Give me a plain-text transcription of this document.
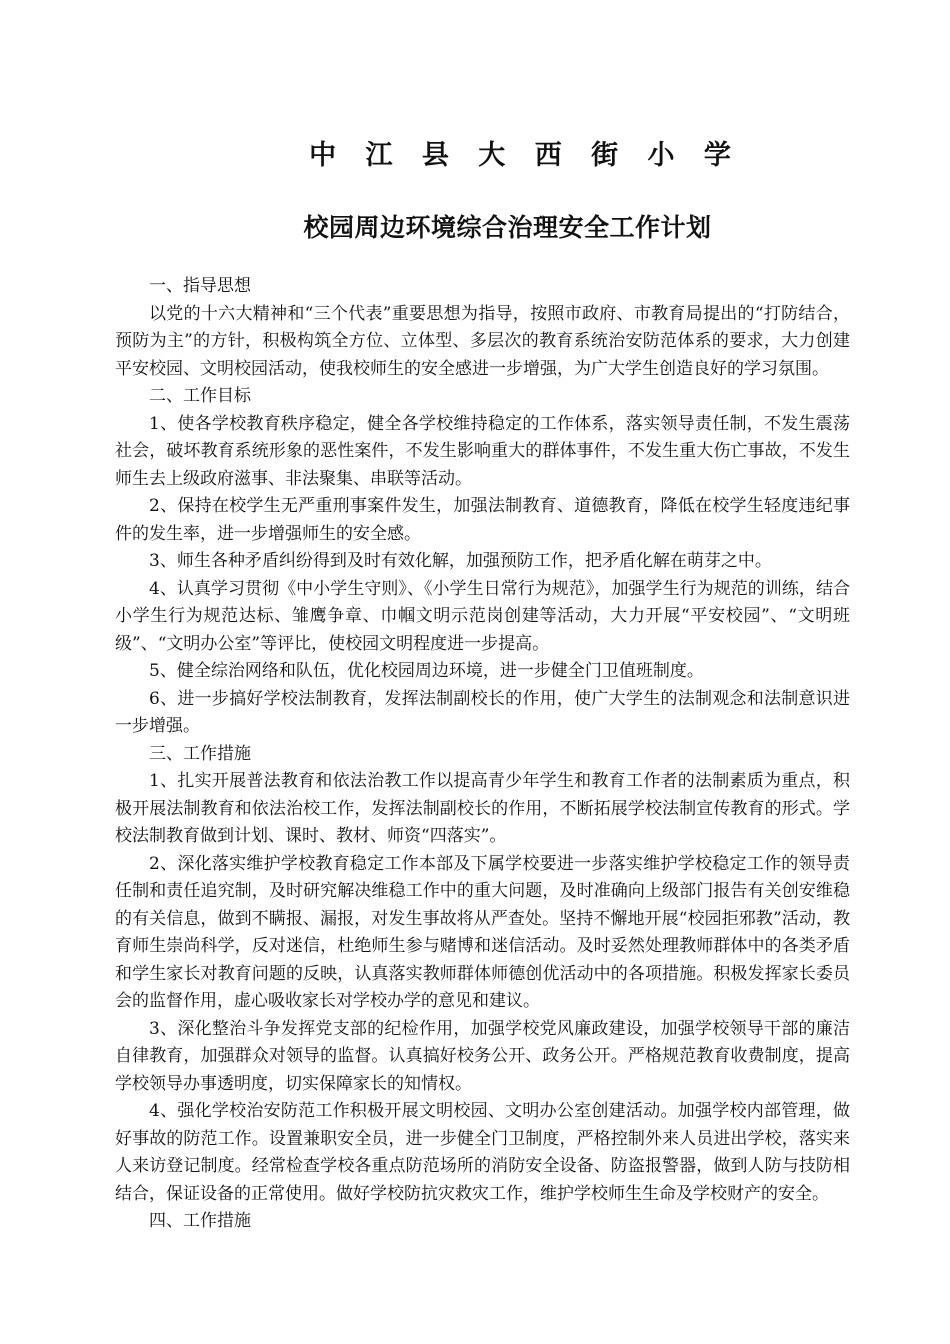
中 江 县 大 西 街 小 学
校园周边环境综合治理安全工作计划

一、指导思想

以党的十六大精神和“三个代表”重要思想为指导，按照市政府、市教育局提出的“打防结合，预防为主”的方针，积极构筑全方位、立体型、多层次的教育系统治安防范体系的要求，大力创建平安校园、文明校园活动，使我校师生的安全感进一步增强，为广大学生创造良好的学习氛围。

二、工作目标

1、使各学校教育秩序稳定，健全各学校维持稳定的工作体系，落实领导责任制，不发生震荡社会，破坏教育系统形象的恶性案件，不发生影响重大的群体事件，不发生重大伤亡事故，不发生师生去上级政府滋事、非法聚集、串联等活动。

2、保持在校学生无严重刑事案件发生，加强法制教育、道德教育，降低在校学生轻度违纪事件的发生率，进一步增强师生的安全感。

3、师生各种矛盾纠纷得到及时有效化解，加强预防工作，把矛盾化解在萌芽之中。

4、认真学习贯彻《中小学生守则》、《小学生日常行为规范》，加强学生行为规范的训练，结合小学生行为规范达标、雏鹰争章、巾帼文明示范岗创建等活动，大力开展“平安校园”、“文明班级”、“文明办公室”等评比，使校园文明程度进一步提高。

5、健全综治网络和队伍，优化校园周边环境，进一步健全门卫值班制度。

6、进一步搞好学校法制教育，发挥法制副校长的作用，使广大学生的法制观念和法制意识进一步增强。

三、工作措施

1、扎实开展普法教育和依法治教工作以提高青少年学生和教育工作者的法制素质为重点，积极开展法制教育和依法治校工作，发挥法制副校长的作用，不断拓展学校法制宣传教育的形式。学校法制教育做到计划、课时、教材、师资“四落实”。

2、深化落实维护学校教育稳定工作本部及下属学校要进一步落实维护学校稳定工作的领导责任制和责任追究制，及时研究解决维稳工作中的重大问题，及时准确向上级部门报告有关创安维稳的有关信息，做到不瞒报、漏报，对发生事故将从严查处。坚持不懈地开展“校园拒邪教”活动，教育师生崇尚科学，反对迷信，杜绝师生参与赌博和迷信活动。及时妥然处理教师群体中的各类矛盾和学生家长对教育问题的反映，认真落实教师群体师德创优活动中的各项措施。积极发挥家长委员会的监督作用，虚心吸收家长对学校办学的意见和建议。

3、深化整治斗争发挥党支部的纪检作用，加强学校党风廉政建设，加强学校领导干部的廉洁自律教育，加强群众对领导的监督。认真搞好校务公开、政务公开。严格规范教育收费制度，提高学校领导办事透明度，切实保障家长的知情权。

4、强化学校治安防范工作积极开展文明校园、文明办公室创建活动。加强学校内部管理，做好事故的防范工作。设置兼职安全员，进一步健全门卫制度，严格控制外来人员进出学校，落实来人来访登记制度。经常检查学校各重点防范场所的消防安全设备、防盗报警器，做到人防与技防相结合，保证设备的正常使用。做好学校防抗灾救灾工作，维护学校师生生命及学校财产的安全。

四、工作措施
